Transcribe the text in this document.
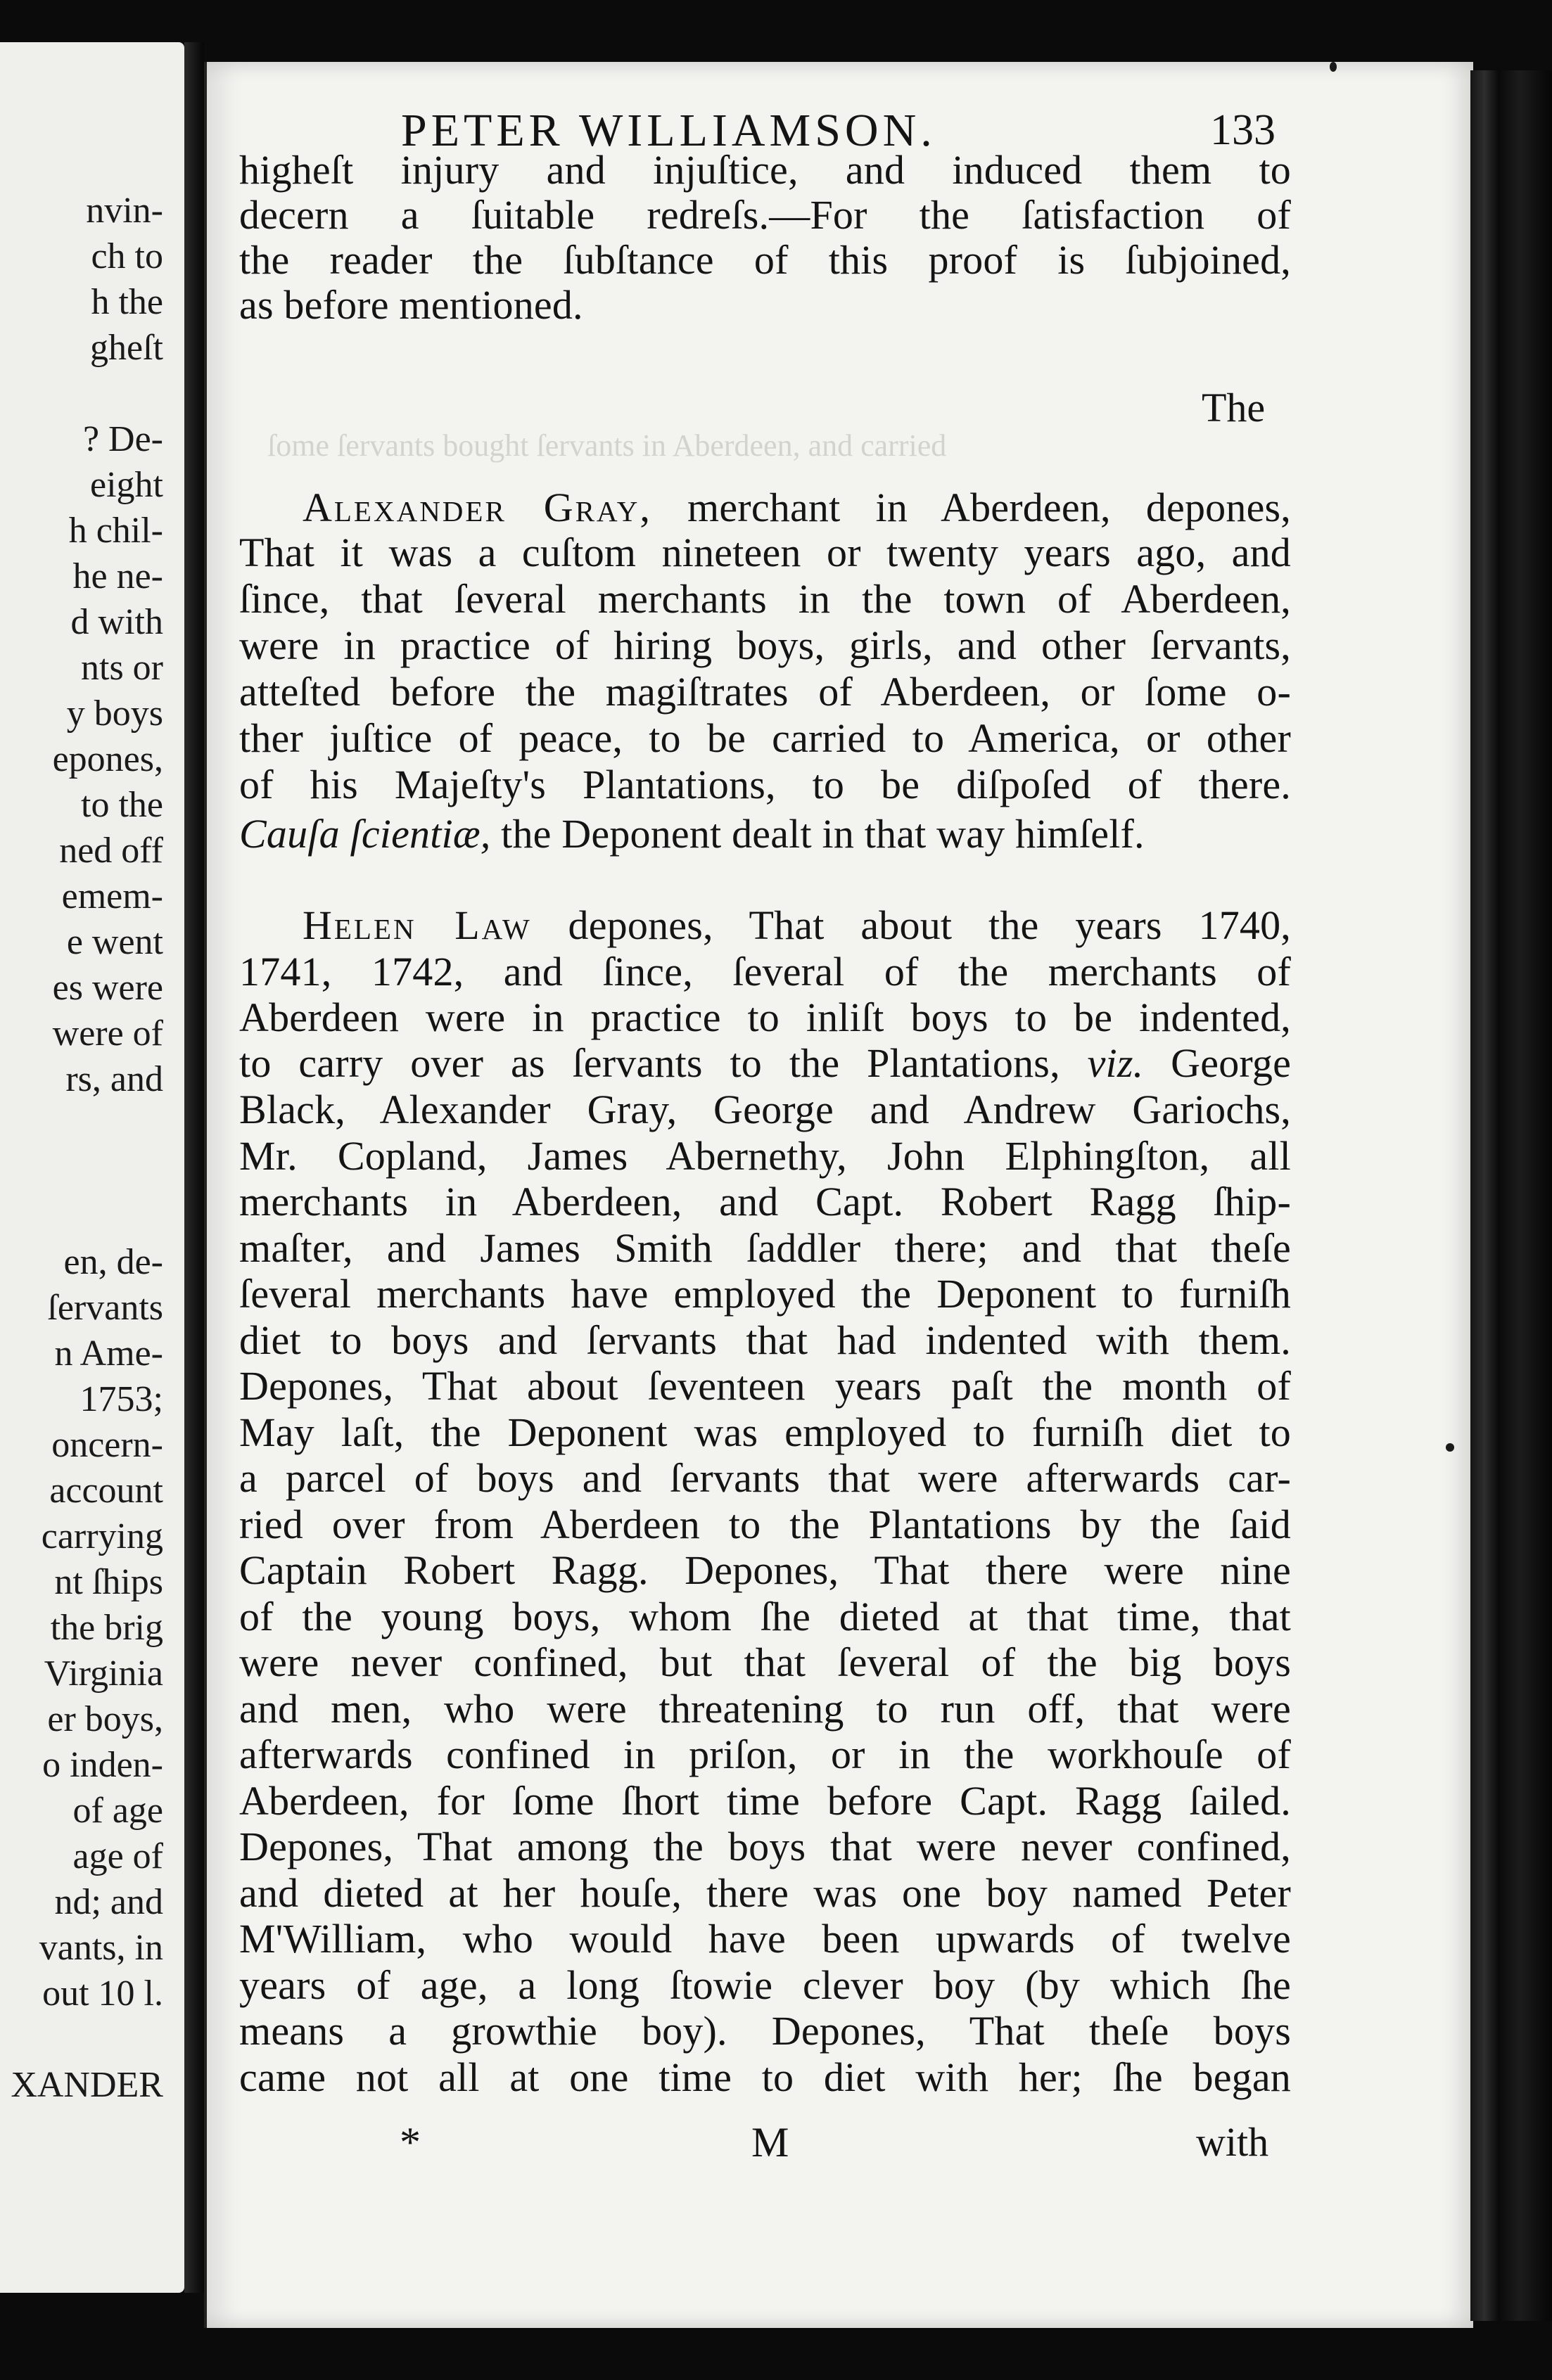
nvin-
ch to
h the
gheſt
? De-
eight
h chil-
he ne-
d with
nts or
y boys
epones,
to the
ned off
emem-
e went
es were
were of
rs, and
en, de-
ſervants
n Ame-
1753;
oncern-
account
carrying
nt ſhips
the brig
Virginia
er boys,
o inden-
of age
age of
nd; and
vants, in
out 10 l.
XANDER
PETER WILLIAMSON.	133
higheſt injury and injuſtice, and induced them to
decern a ſuitable redreſs.—For the ſatisfaction of
the reader the ſubſtance of this proof is ſubjoined,
as before mentioned.
The
ſome ſervants bought ſervants in Aberdeen, and carried
Alexander Gray, merchant in Aberdeen, depones,
That it was a cuſtom nineteen or twenty years ago, and
ſince, that ſeveral merchants in the town of Aberdeen,
were in practice of hiring boys, girls, and other ſervants,
atteſted before the magiſtrates of Aberdeen, or ſome o-
ther juſtice of peace, to be carried to America, or other
of his Majeſty's Plantations, to be diſpoſed of there.
Cauſa ſcientiæ, the Deponent dealt in that way himſelf.
Helen Law depones, That about the years 1740,
1741, 1742, and ſince, ſeveral of the merchants of
Aberdeen were in practice to inliſt boys to be indented,
to carry over as ſervants to the Plantations, viz. George
Black, Alexander Gray, George and Andrew Gariochs,
Mr. Copland, James Abernethy, John Elphingſton, all
merchants in Aberdeen, and Capt. Robert Ragg ſhip-
maſter, and James Smith ſaddler there; and that theſe
ſeveral merchants have employed the Deponent to furniſh
diet to boys and ſervants that had indented with them.
Depones, That about ſeventeen years paſt the month of
May laſt, the Deponent was employed to furniſh diet to
a parcel of boys and ſervants that were afterwards car-
ried over from Aberdeen to the Plantations by the ſaid
Captain Robert Ragg. Depones, That there were nine
of the young boys, whom ſhe dieted at that time, that
were never confined, but that ſeveral of the big boys
and men, who were threatening to run off, that were
afterwards confined in priſon, or in the workhouſe of
Aberdeen, for ſome ſhort time before Capt. Ragg ſailed.
Depones, That among the boys that were never confined,
and dieted at her houſe, there was one boy named Peter
M'William, who would have been upwards of twelve
years of age, a long ſtowie clever boy (by which ſhe
means a growthie boy). Depones, That theſe boys
came not all at one time to diet with her; ſhe began
*	M	with
